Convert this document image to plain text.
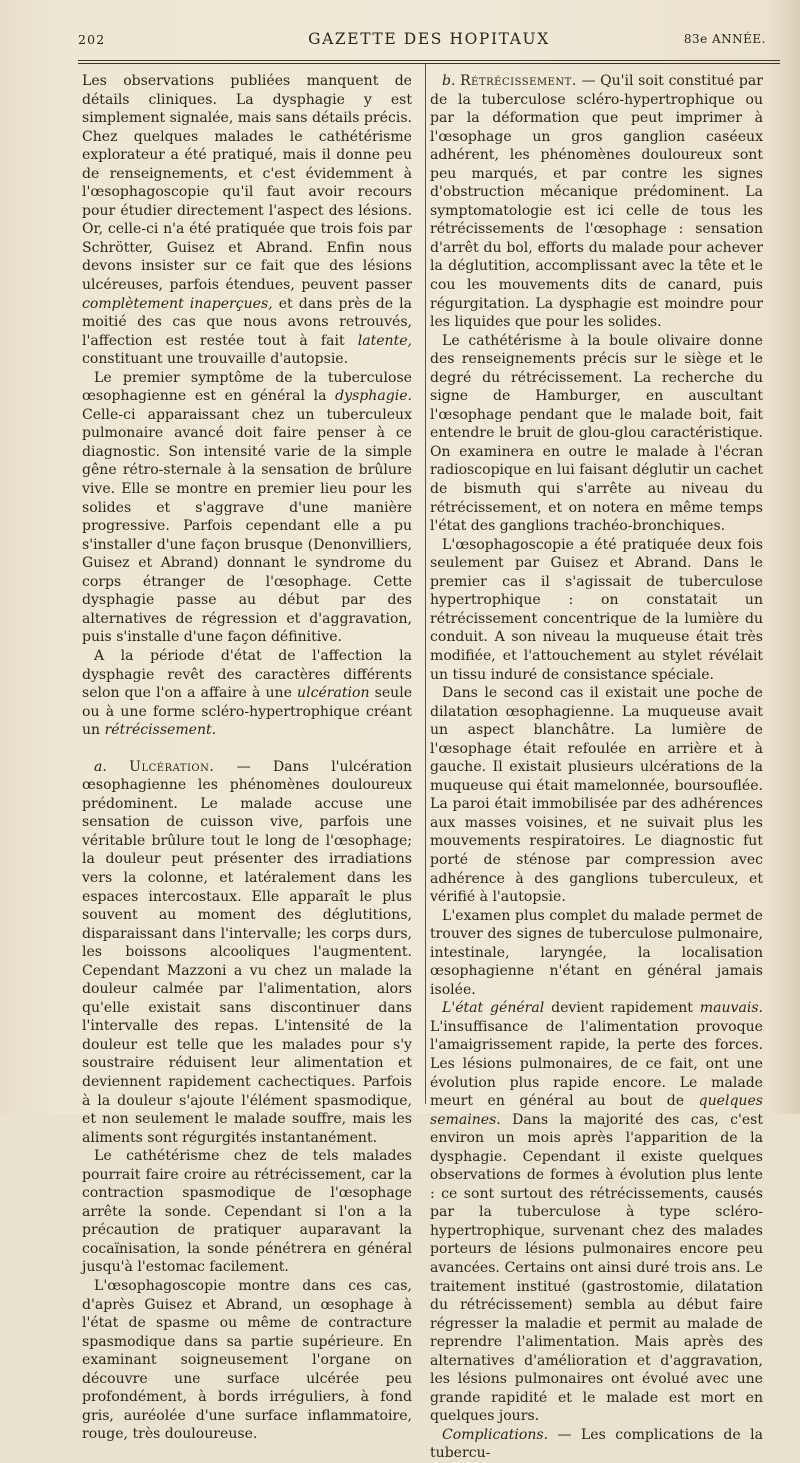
202	GAZETTE DES HOPITAUX	83e ANNÉE.

Les observations publiées manquent de détails cliniques. La dysphagie y est simplement signalée, mais sans détails précis. Chez quelques malades le cathétérisme explorateur a été pratiqué, mais il donne peu de renseignements, et c'est évidemment à l'œsophagoscopie qu'il faut avoir recours pour étudier directement l'aspect des lésions. Or, celle-ci n'a été pratiquée que trois fois par Schrötter, Guisez et Abrand. Enfin nous devons insister sur ce fait que des lésions ulcéreuses, parfois étendues, peuvent passer complètement inaperçues, et dans près de la moitié des cas que nous avons retrouvés, l'affection est restée tout à fait latente, constituant une trouvaille d'autopsie.

Le premier symptôme de la tuberculose œsophagienne est en général la dysphagie. Celle-ci apparaissant chez un tuberculeux pulmonaire avancé doit faire penser à ce diagnostic. Son intensité varie de la simple gêne rétro-sternale à la sensation de brûlure vive. Elle se montre en premier lieu pour les solides et s'aggrave d'une manière progressive. Parfois cependant elle a pu s'installer d'une façon brusque (Denonvilliers, Guisez et Abrand) donnant le syndrome du corps étranger de l'œsophage. Cette dysphagie passe au début par des alternatives de régression et d'aggravation, puis s'installe d'une façon définitive.

A la période d'état de l'affection la dysphagie revêt des caractères différents selon que l'on a affaire à une ulcération seule ou à une forme scléro-hypertrophique créant un rétrécissement.

a. Ulcération. — Dans l'ulcération œsophagienne les phénomènes douloureux prédominent. Le malade accuse une sensation de cuisson vive, parfois une véritable brûlure tout le long de l'œsophage; la douleur peut présenter des irradiations vers la colonne, et latéralement dans les espaces intercostaux. Elle apparaît le plus souvent au moment des déglutitions, disparaissant dans l'intervalle; les corps durs, les boissons alcooliques l'augmentent. Cependant Mazzoni a vu chez un malade la douleur calmée par l'alimentation, alors qu'elle existait sans discontinuer dans l'intervalle des repas. L'intensité de la douleur est telle que les malades pour s'y soustraire réduisent leur alimentation et deviennent rapidement cachectiques. Parfois à la douleur s'ajoute l'élément spasmodique, et non seulement le malade souffre, mais les aliments sont régurgités instantanément.

Le cathétérisme chez de tels malades pourrait faire croire au rétrécissement, car la contraction spasmodique de l'œsophage arrête la sonde. Cependant si l'on a la précaution de pratiquer auparavant la cocaïnisation, la sonde pénétrera en général jusqu'à l'estomac facilement.

L'œsophagoscopie montre dans ces cas, d'après Guisez et Abrand, un œsophage à l'état de spasme ou même de contracture spasmodique dans sa partie supérieure. En examinant soigneusement l'organe on découvre une surface ulcérée peu profondément, à bords irréguliers, à fond gris, auréolée d'une surface inflammatoire, rouge, très douloureuse.

b. Rétrécissement. — Qu'il soit constitué par de la tuberculose scléro-hypertrophique ou par la déformation que peut imprimer à l'œsophage un gros ganglion caséeux adhérent, les phénomènes douloureux sont peu marqués, et par contre les signes d'obstruction mécanique prédominent. La symptomatologie est ici celle de tous les rétrécissements de l'œsophage : sensation d'arrêt du bol, efforts du malade pour achever la déglutition, accomplissant avec la tête et le cou les mouvements dits de canard, puis régurgitation. La dysphagie est moindre pour les liquides que pour les solides.

Le cathétérisme à la boule olivaire donne des renseignements précis sur le siège et le degré du rétrécissement. La recherche du signe de Hamburger, en auscultant l'œsophage pendant que le malade boit, fait entendre le bruit de glou-glou caractéristique. On examinera en outre le malade à l'écran radioscopique en lui faisant déglutir un cachet de bismuth qui s'arrête au niveau du rétrécissement, et on notera en même temps l'état des ganglions trachéo-bronchiques.

L'œsophagoscopie a été pratiquée deux fois seulement par Guisez et Abrand. Dans le premier cas il s'agissait de tuberculose hypertrophique : on constatait un rétrécissement concentrique de la lumière du conduit. A son niveau la muqueuse était très modifiée, et l'attouchement au stylet révélait un tissu induré de consistance spéciale.

Dans le second cas il existait une poche de dilatation œsophagienne. La muqueuse avait un aspect blanchâtre. La lumière de l'œsophage était refoulée en arrière et à gauche. Il existait plusieurs ulcérations de la muqueuse qui était mamelonnée, boursouflée. La paroi était immobilisée par des adhérences aux masses voisines, et ne suivait plus les mouvements respiratoires. Le diagnostic fut porté de sténose par compression avec adhérence à des ganglions tuberculeux, et vérifié à l'autopsie.

L'examen plus complet du malade permet de trouver des signes de tuberculose pulmonaire, intestinale, laryngée, la localisation œsophagienne n'étant en général jamais isolée.

L'état général devient rapidement mauvais. L'insuffisance de l'alimentation provoque l'amaigrissement rapide, la perte des forces. Les lésions pulmonaires, de ce fait, ont une évolution plus rapide encore. Le malade meurt en général au bout de quelques semaines. Dans la majorité des cas, c'est environ un mois après l'apparition de la dysphagie. Cependant il existe quelques observations de formes à évolution plus lente : ce sont surtout des rétrécissements, causés par la tuberculose à type scléro-hypertrophique, survenant chez des malades porteurs de lésions pulmonaires encore peu avancées. Certains ont ainsi duré trois ans. Le traitement institué (gastrostomie, dilatation du rétrécissement) sembla au début faire régresser la maladie et permit au malade de reprendre l'alimentation. Mais après des alternatives d'amélioration et d'aggravation, les lésions pulmonaires ont évolué avec une grande rapidité et le malade est mort en quelques jours.

Complications. — Les complications de la tubercu-
